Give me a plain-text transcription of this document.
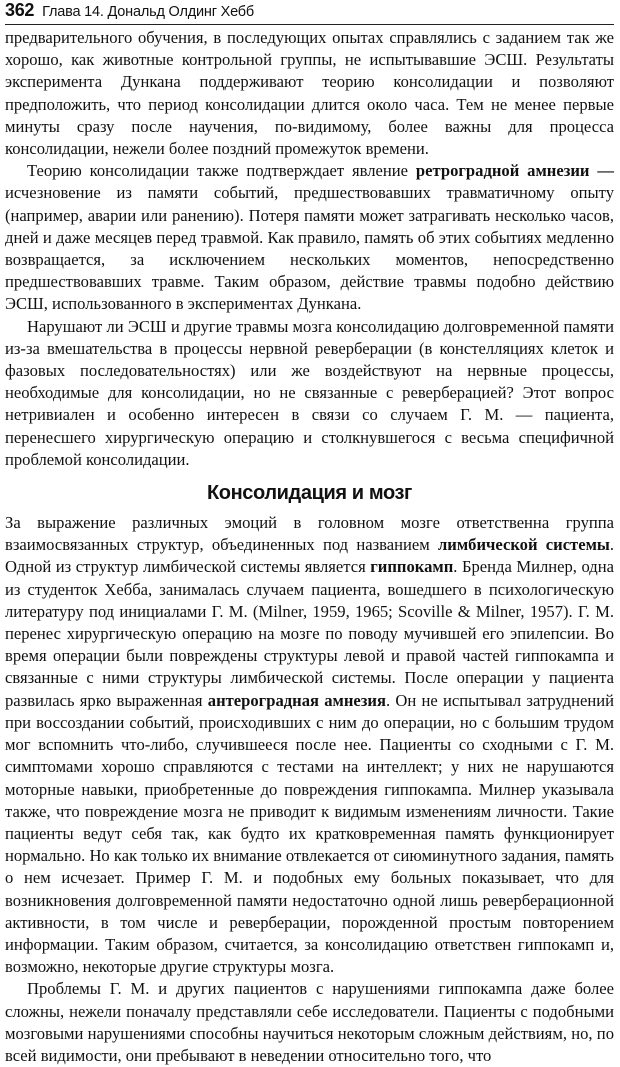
362 Глава 14. Дональд Олдинг Хебб

предварительного обучения, в последующих опытах справлялись с заданием так же хорошо, как животные контрольной группы, не испытывавшие ЭСШ. Результаты эксперимента Дункана поддерживают теорию консолидации и позволяют предположить, что период консолидации длится около часа. Тем не менее первые минуты сразу после научения, по-видимому, более важны для процесса консолидации, нежели более поздний промежуток времени.

Теорию консолидации также подтверждает явление ретроградной амнезии — исчезновение из памяти событий, предшествовавших травматичному опыту (например, аварии или ранению). Потеря памяти может затрагивать несколько часов, дней и даже месяцев перед травмой. Как правило, память об этих событиях медленно возвращается, за исключением нескольких моментов, непосредственно предшествовавших травме. Таким образом, действие травмы подобно действию ЭСШ, использованного в экспериментах Дункана.

Нарушают ли ЭСШ и другие травмы мозга консолидацию долговременной памяти из-за вмешательства в процессы нервной реверберации (в констелляциях клеток и фазовых последовательностях) или же воздействуют на нервные процессы, необходимые для консолидации, но не связанные с реверберацией? Этот вопрос нетривиален и особенно интересен в связи со случаем Г. М. — пациента, перенесшего хирургическую операцию и столкнувшегося с весьма специфичной проблемой консолидации.

Консолидация и мозг

За выражение различных эмоций в головном мозге ответственна группа взаимосвязанных структур, объединенных под названием лимбической системы. Одной из структур лимбической системы является гиппокамп. Бренда Милнер, одна из студенток Хебба, занималась случаем пациента, вошедшего в психологическую литературу под инициалами Г. М. (Milner, 1959, 1965; Scoville & Milner, 1957). Г. М. перенес хирургическую операцию на мозге по поводу мучившей его эпилепсии. Во время операции были повреждены структуры левой и правой частей гиппокампа и связанные с ними структуры лимбической системы. После операции у пациента развилась ярко выраженная антероградная амнезия. Он не испытывал затруднений при воссоздании событий, происходивших с ним до операции, но с большим трудом мог вспомнить что-либо, случившееся после нее. Пациенты со сходными с Г. М. симптомами хорошо справляются с тестами на интеллект; у них не нарушаются моторные навыки, приобретенные до повреждения гиппокампа. Милнер указывала также, что повреждение мозга не приводит к видимым изменениям личности. Такие пациенты ведут себя так, как будто их кратковременная память функционирует нормально. Но как только их внимание отвлекается от сиюминутного задания, память о нем исчезает. Пример Г. М. и подобных ему больных показывает, что для возникновения долговременной памяти недостаточно одной лишь реверберационной активности, в том числе и реверберации, порожденной простым повторением информации. Таким образом, считается, за консолидацию ответствен гиппокамп и, возможно, некоторые другие структуры мозга.

Проблемы Г. М. и других пациентов с нарушениями гиппокампа даже более сложны, нежели поначалу представляли себе исследователи. Пациенты с подобными мозговыми нарушениями способны научиться некоторым сложным действиям, но, по всей видимости, они пребывают в неведении относительно того, что
